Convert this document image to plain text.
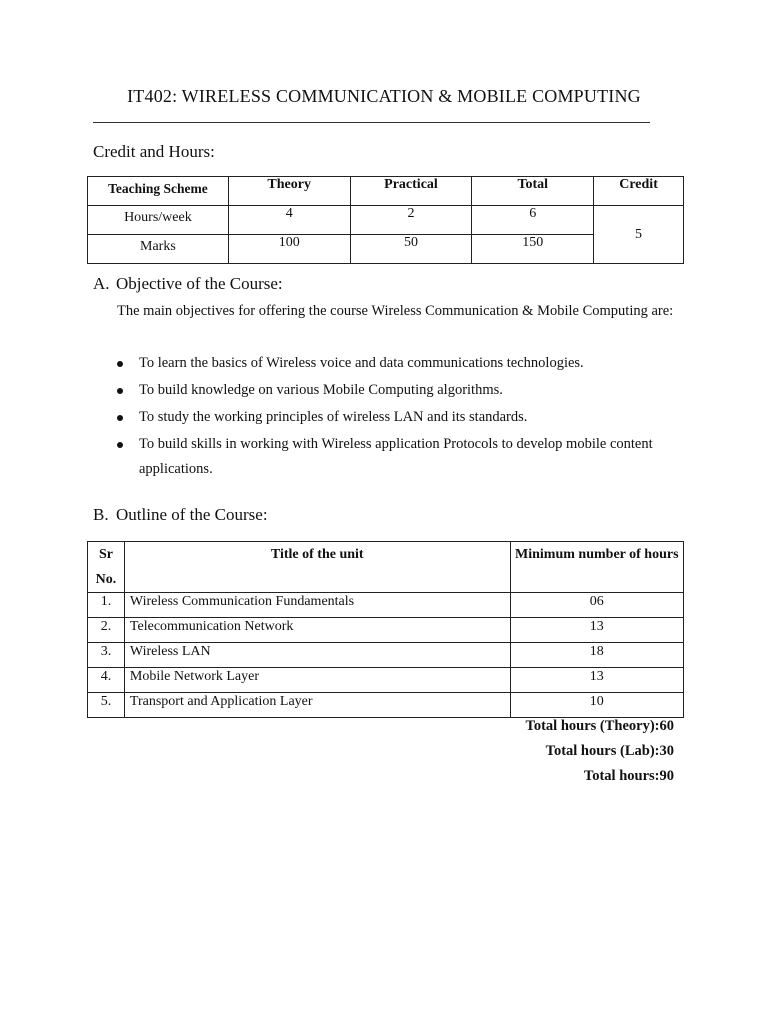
IT402: WIRELESS COMMUNICATION & MOBILE COMPUTING
Credit and Hours:
Teaching Scheme	Theory	Practical	Total	Credit
Hours/week	4	2	6	5
Marks	100	50	150	
A. Objective of the Course:
The main objectives for offering the course Wireless Communication & Mobile Computing are:
To learn the basics of Wireless voice and data communications technologies.
To build knowledge on various Mobile Computing algorithms.
To study the working principles of wireless LAN and its standards.
To build skills in working with Wireless application Protocols to develop mobile content applications.
B. Outline of the Course:
Sr No.	Title of the unit	Minimum number of hours
1.	Wireless Communication Fundamentals	06
2.	Telecommunication Network	13
3.	Wireless LAN	18
4.	Mobile Network Layer	13
5.	Transport and Application Layer	10
Total hours (Theory):60
Total hours (Lab):30
Total hours:90
